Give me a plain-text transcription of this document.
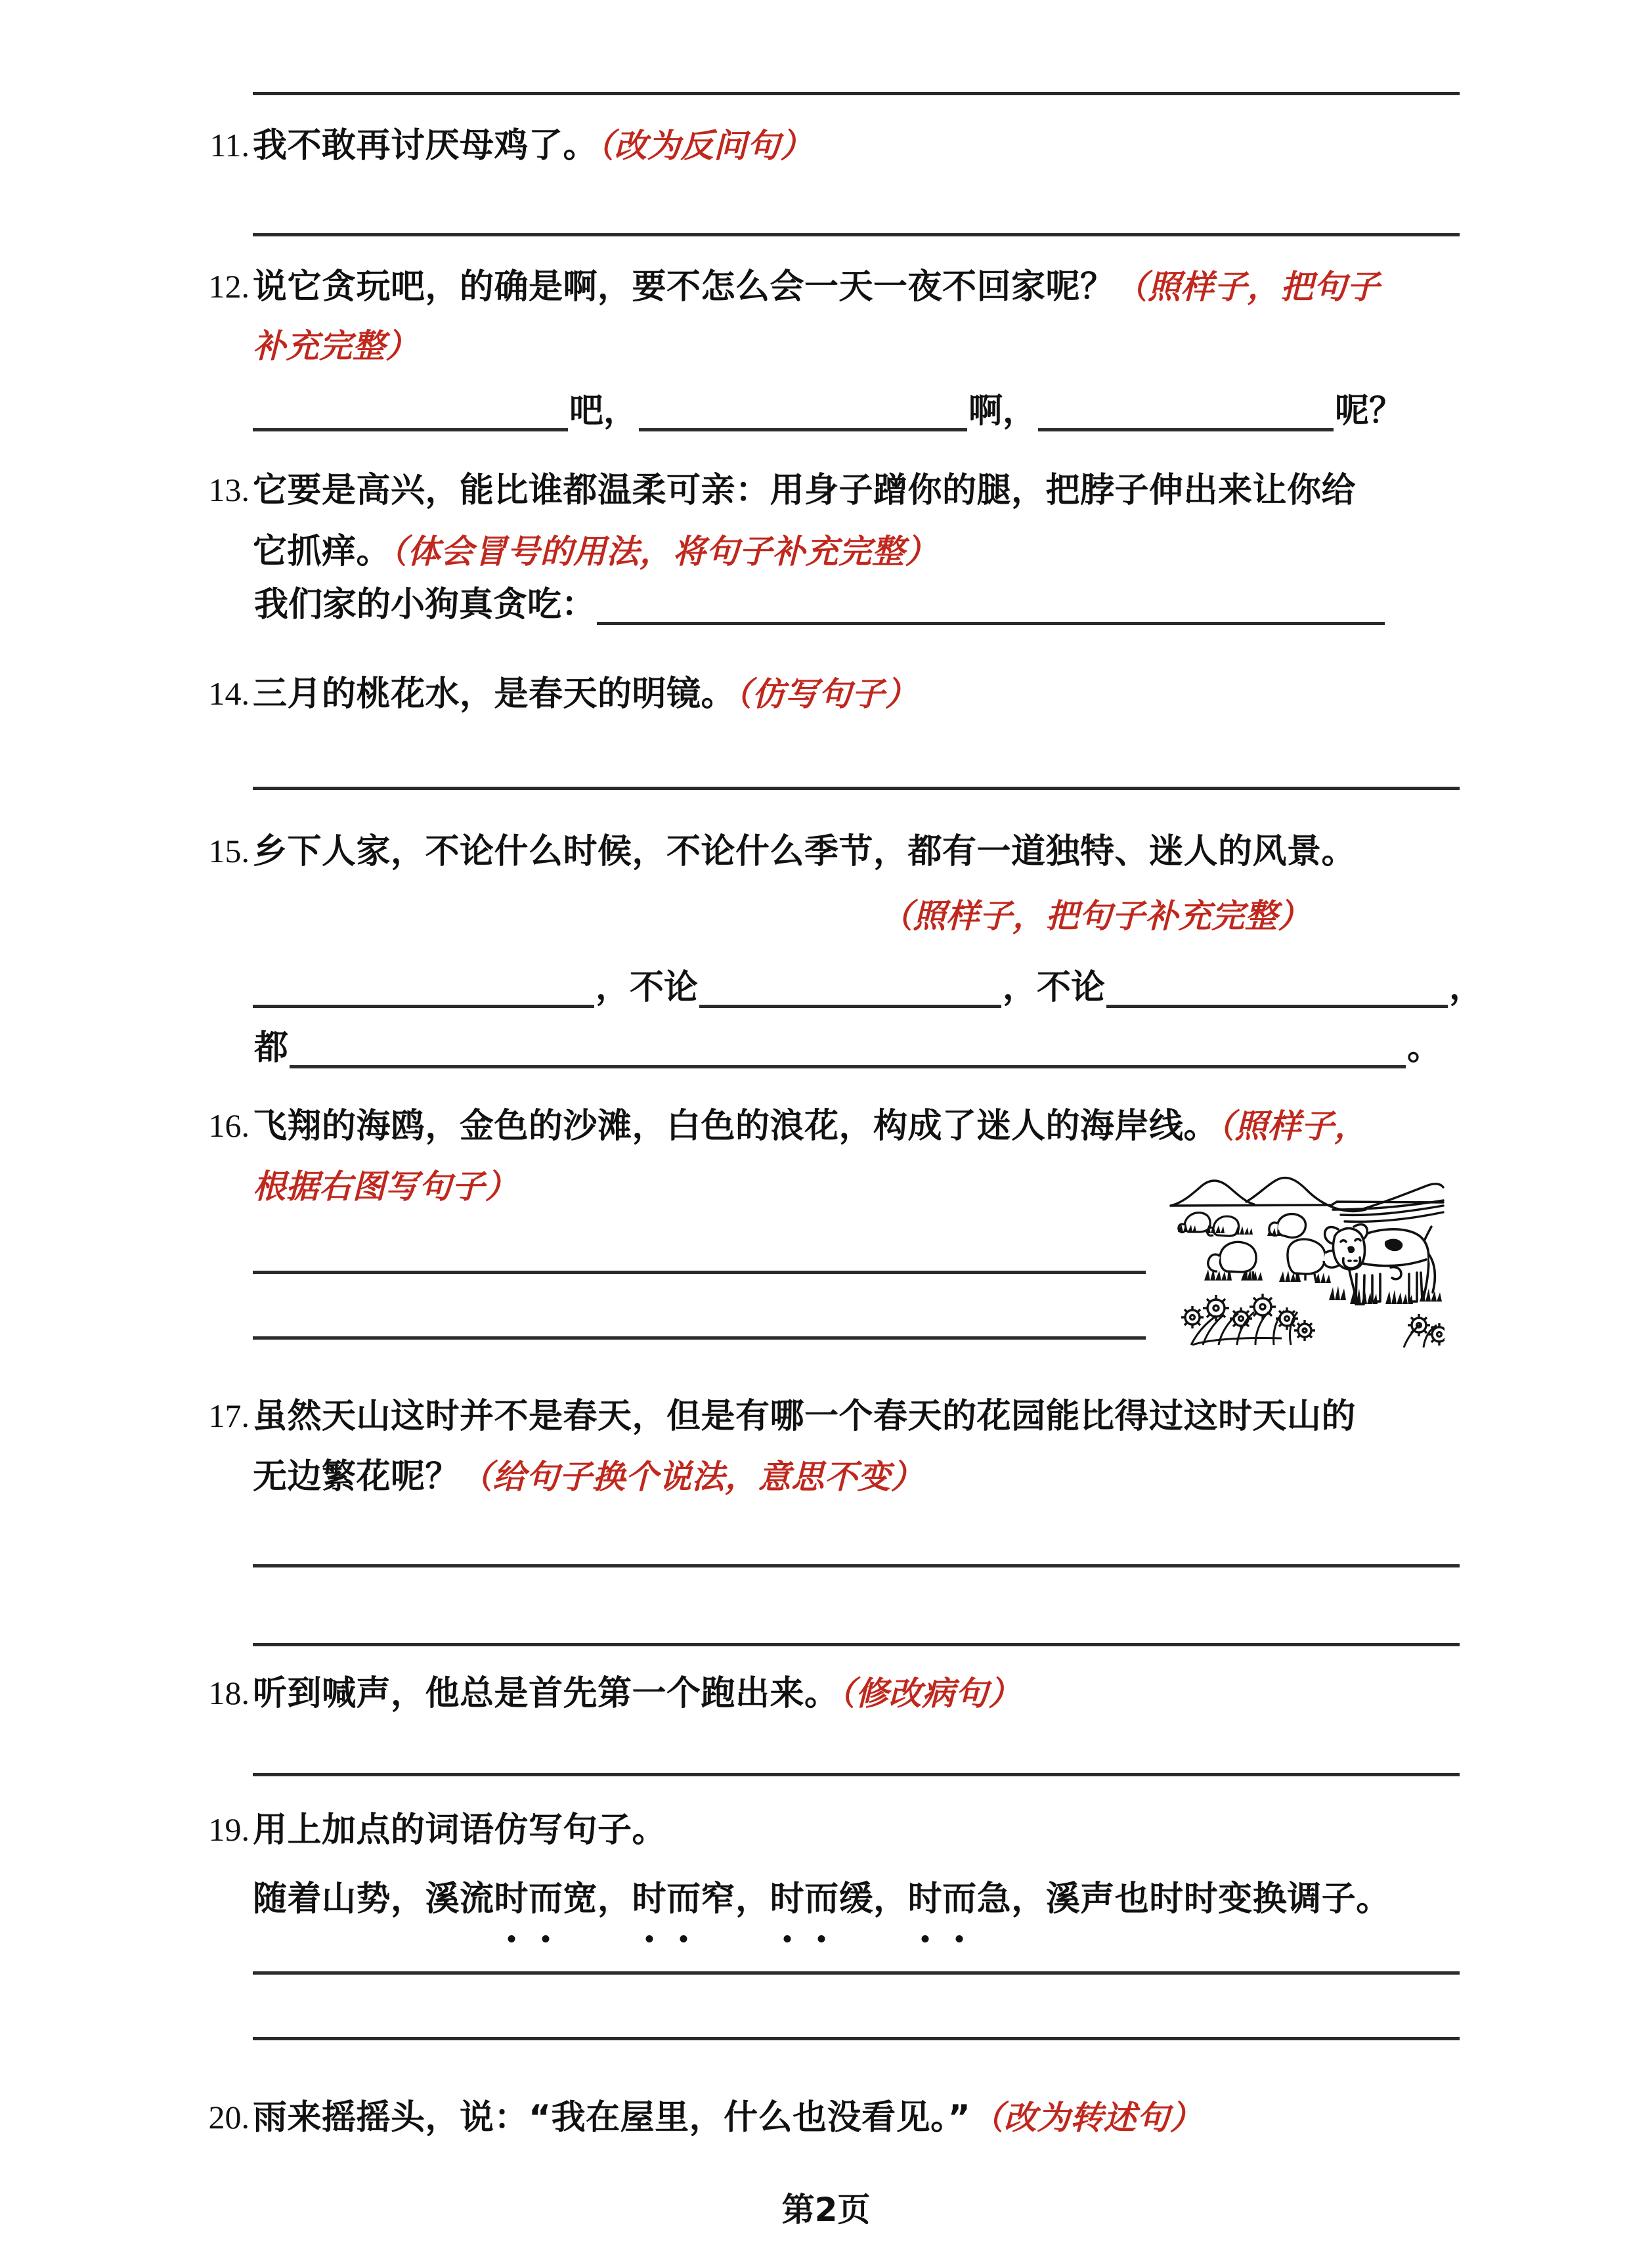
11. 我不敢再讨厌母鸡了。（改为反问句）
12. 说它贪玩吧，的确是啊，要不怎么会一天一夜不回家呢？（照样子，把句子
补充完整）
吧，	啊，	呢？
13. 它要是高兴，能比谁都温柔可亲：用身子蹭你的腿，把脖子伸出来让你给
它抓痒。（体会冒号的用法，将句子补充完整）
我们家的小狗真贪吃：
14. 三月的桃花水，是春天的明镜。（仿写句子）
15. 乡下人家，不论什么时候，不论什么季节，都有一道独特、迷人的风景。
（照样子，把句子补充完整）
，不论	，不论	，
都	。
16. 飞翔的海鸥，金色的沙滩，白色的浪花，构成了迷人的海岸线。（照样子，
根据右图写句子）
17. 虽然天山这时并不是春天，但是有哪一个春天的花园能比得过这时天山的
无边繁花呢？（给句子换个说法，意思不变）
18. 听到喊声，他总是首先第一个跑出来。（修改病句）
19. 用上加点的词语仿写句子。
随着山势，溪流时而宽，时而窄，时而缓，时而急，溪声也时时变换调子。
20. 雨来摇摇头，说：“我在屋里，什么也没看见。”（改为转述句）
第2页
